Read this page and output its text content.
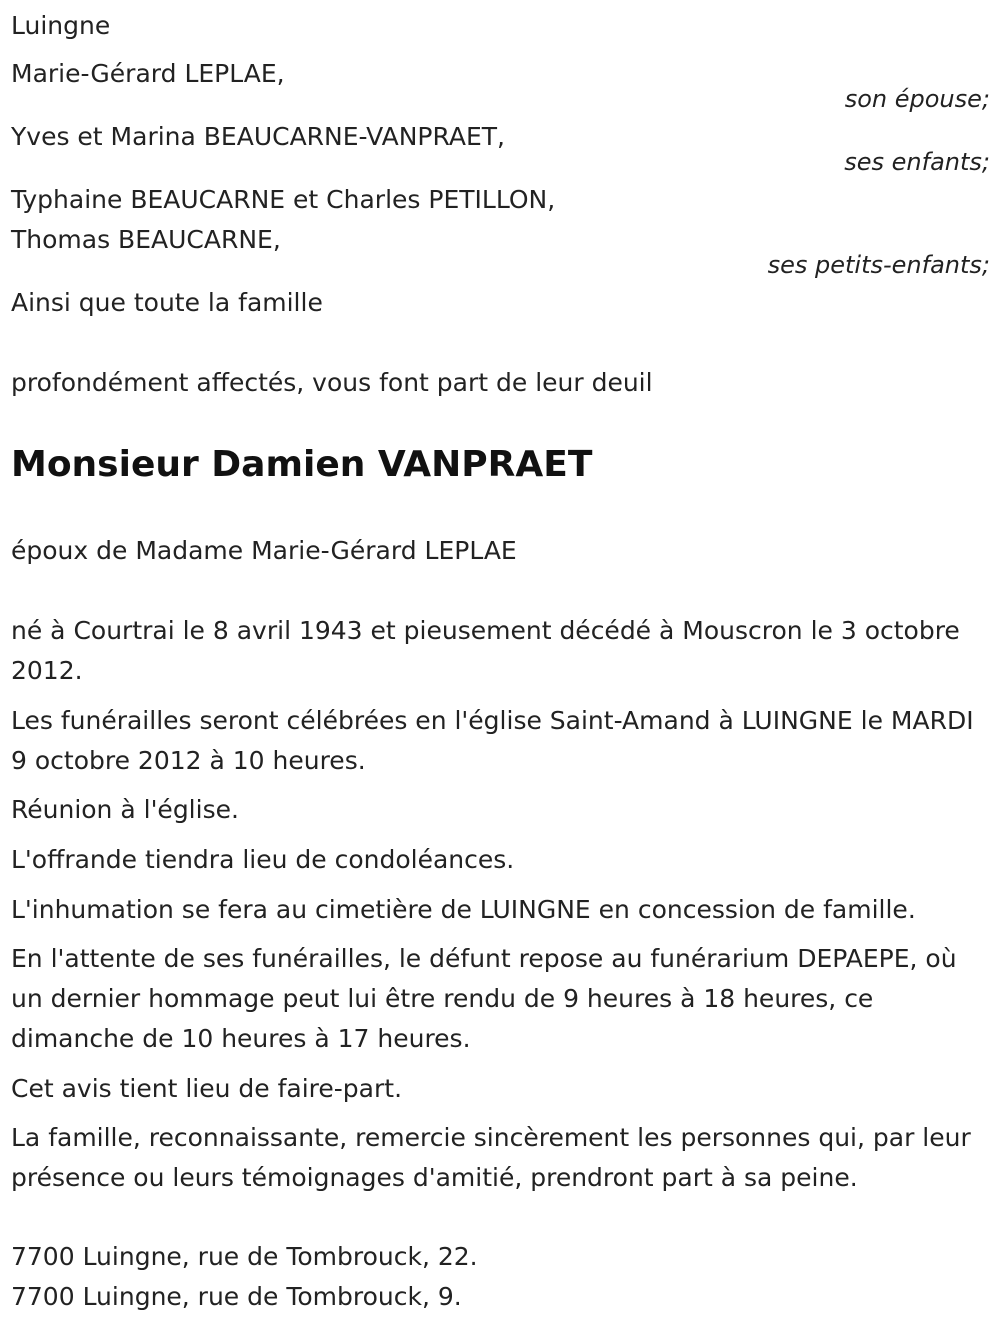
Luingne
Marie-Gérard LEPLAE,
son épouse;
Yves et Marina BEAUCARNE-VANPRAET,
ses enfants;
Typhaine BEAUCARNE et Charles PETILLON,
Thomas BEAUCARNE,
ses petits-enfants;
Ainsi que toute la famille
profondément affectés, vous font part de leur deuil
Monsieur Damien VANPRAET
époux de Madame Marie-Gérard LEPLAE
né à Courtrai le 8 avril 1943 et pieusement décédé à Mouscron le 3 octobre 2012.
Les funérailles seront célébrées en l'église Saint-Amand à LUINGNE le MARDI 9 octobre 2012 à 10 heures.
Réunion à l'église.
L'offrande tiendra lieu de condoléances.
L'inhumation se fera au cimetière de LUINGNE en concession de famille.
En l'attente de ses funérailles, le défunt repose au funérarium DEPAEPE, où un dernier hommage peut lui être rendu de 9 heures à 18 heures, ce dimanche de 10 heures à 17 heures.
Cet avis tient lieu de faire-part.
La famille, reconnaissante, remercie sincèrement les personnes qui, par leur présence ou leurs témoignages d'amitié, prendront part à sa peine.
7700 Luingne, rue de Tombrouck, 22.
7700 Luingne, rue de Tombrouck, 9.
